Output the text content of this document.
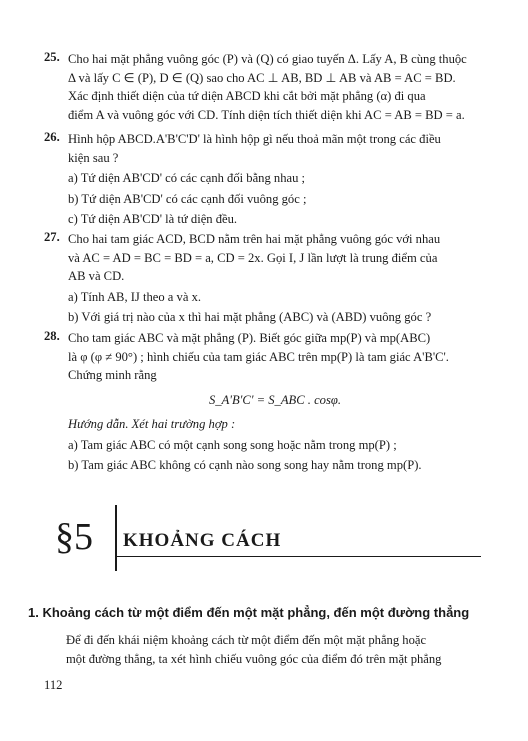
25. Cho hai mặt phẳng vuông góc (P) và (Q) có giao tuyến Δ. Lấy A, B cùng thuộc
Δ và lấy C ∈ (P), D ∈ (Q) sao cho AC ⊥ AB, BD ⊥ AB và AB = AC = BD.
Xác định thiết diện của tứ diện ABCD khi cắt bởi mặt phẳng (α) đi qua
điểm A và vuông góc với CD. Tính diện tích thiết diện khi AC = AB = BD = a.
26. Hình hộp ABCD.A'B'C'D' là hình hộp gì nếu thoả mãn một trong các điều
kiện sau ?
a) Tứ diện AB'CD' có các cạnh đối bằng nhau ;
b) Tứ diện AB'CD' có các cạnh đối vuông góc ;
c) Tứ diện AB'CD' là tứ diện đều.
27. Cho hai tam giác ACD, BCD nằm trên hai mặt phẳng vuông góc với nhau
và AC = AD = BC = BD = a, CD = 2x. Gọi I, J lần lượt là trung điểm của
AB và CD.
a) Tính AB, IJ theo a và x.
b) Với giá trị nào của x thì hai mặt phẳng (ABC) và (ABD) vuông góc ?
28. Cho tam giác ABC và mặt phẳng (P). Biết góc giữa mp(P) và mp(ABC)
là φ (φ ≠ 90°) ; hình chiếu của tam giác ABC trên mp(P) là tam giác A'B'C'.
Chứng minh rằng
S_A'B'C' = S_ABC . cosφ.
Hướng dẫn. Xét hai trường hợp :
a) Tam giác ABC có một cạnh song song hoặc nằm trong mp(P) ;
b) Tam giác ABC không có cạnh nào song song hay nằm trong mp(P).
§5 KHOẢNG CÁCH
1. Khoảng cách từ một điểm đến một mặt phẳng, đến một đường thẳng
Để đi đến khái niệm khoảng cách từ một điểm đến một mặt phẳng hoặc
một đường thẳng, ta xét hình chiếu vuông góc của điểm đó trên mặt phẳng
112
